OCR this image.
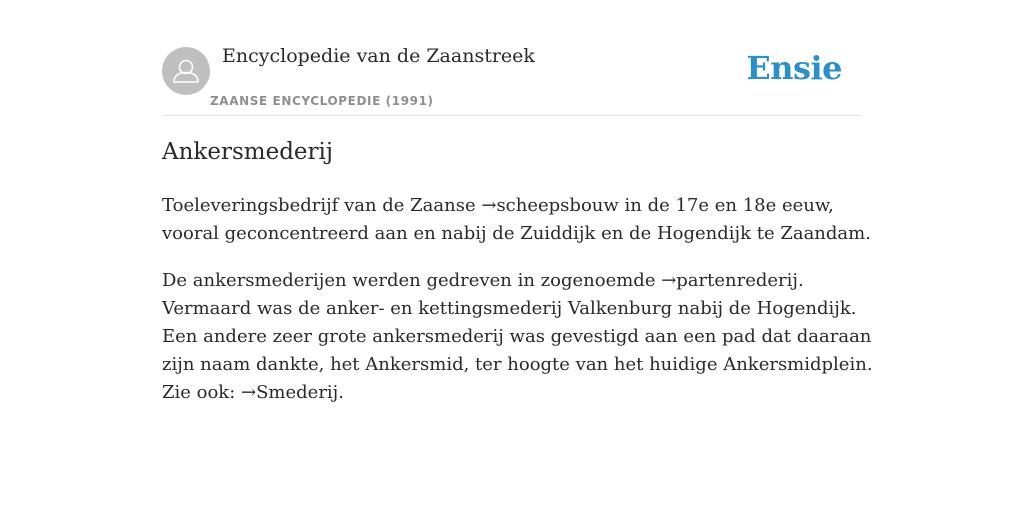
Encyclopedie van de Zaanstreek
ZAANSE ENCYCLOPEDIE (1991)
Ensie
Ankersmederij

Toeleveringsbedrijf van de Zaanse →scheepsbouw in de 17e en 18e eeuw, vooral geconcentreerd aan en nabij de Zuiddijk en de Hogendijk te Zaandam.

De ankersmederijen werden gedreven in zogenoemde →partenrederij. Vermaard was de anker- en kettingsmederij Valkenburg nabij de Hogendijk. Een andere zeer grote ankersmederij was gevestigd aan een pad dat daaraan zijn naam dankte, het Ankersmid, ter hoogte van het huidige Ankersmidplein. Zie ook: →Smederij.
